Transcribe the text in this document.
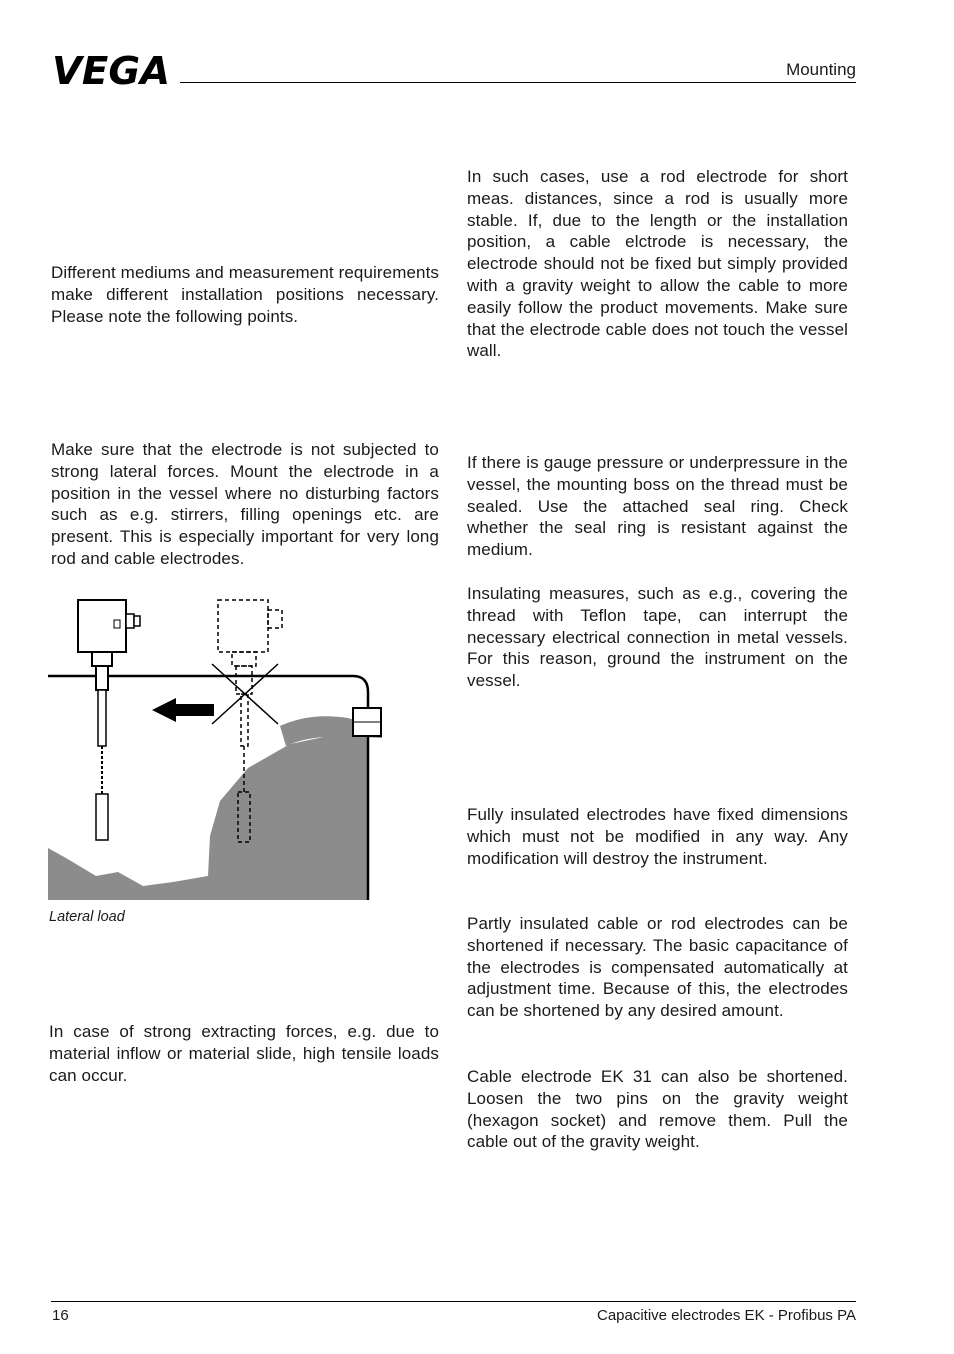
VEGA	Mounting

Different mediums and measurement requirements make different installation positions necessary. Please note the following points.

Make sure that the electrode is not subjected to strong lateral forces. Mount the electrode in a position in the vessel where no disturbing factors such as e.g. stirrers, filling openings etc. are present. This is especially important for very long rod and cable electrodes.

Lateral load

In case of strong extracting forces, e.g. due to material inflow or material slide, high tensile loads can occur.

In such cases, use a rod electrode for short meas. distances, since a rod is usually more stable. If, due to the length or the installation position, a cable elctrode is necessary, the electrode should not be fixed but simply provided with a gravity weight to allow the cable to more easily follow the product movements. Make sure that the electrode cable does not touch the vessel wall.

If there is gauge pressure or underpressure in the vessel, the mounting boss on the thread must be sealed. Use the attached seal ring. Check whether the seal ring is resistant against the medium.

Insulating measures, such as e.g., covering the thread with Teflon tape, can interrupt the necessary electrical connection in metal vessels. For this reason, ground the instrument on the vessel.

Fully insulated electrodes have fixed dimensions which must not be modified in any way. Any modification will destroy the instrument.

Partly insulated cable or rod electrodes can be shortened if necessary. The basic capacitance of the electrodes is compensated automatically at adjustment time. Because of this, the electrodes can be shortened by any desired amount.

Cable electrode EK 31 can also be shortened. Loosen the two pins on the gravity weight (hexagon socket) and remove them. Pull the cable out of the gravity weight.

16	Capacitive electrodes EK - Profibus PA
